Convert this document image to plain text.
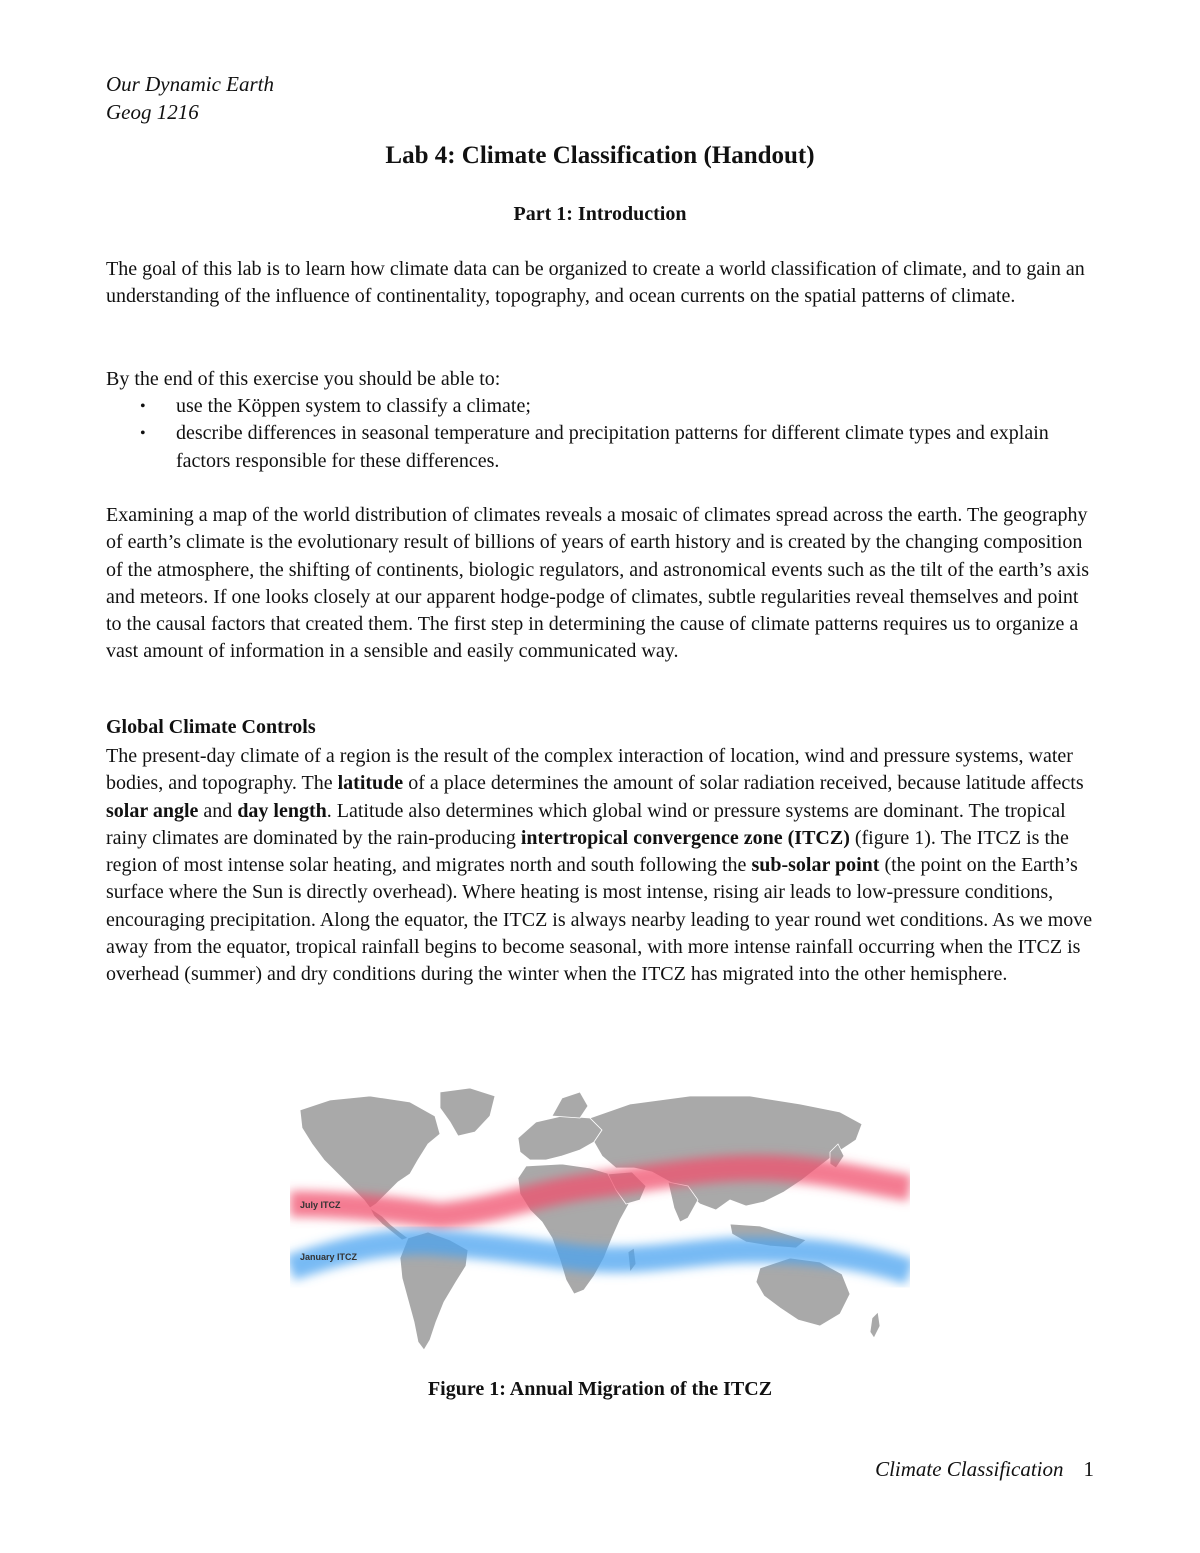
Our Dynamic Earth
Geog 1216
Lab 4: Climate Classification (Handout)
Part 1: Introduction
The goal of this lab is to learn how climate data can be organized to create a world classification of climate, and to gain an understanding of the influence of continentality, topography, and ocean currents on the spatial patterns of climate.
By the end of this exercise you should be able to:
• use the Köppen system to classify a climate;
• describe differences in seasonal temperature and precipitation patterns for different climate types and explain factors responsible for these differences.
Examining a map of the world distribution of climates reveals a mosaic of climates spread across the earth. The geography of earth’s climate is the evolutionary result of billions of years of earth history and is created by the changing composition of the atmosphere, the shifting of continents, biologic regulators, and astronomical events such as the tilt of the earth’s axis and meteors. If one looks closely at our apparent hodge-podge of climates, subtle regularities reveal themselves and point to the causal factors that created them. The first step in determining the cause of climate patterns requires us to organize a vast amount of information in a sensible and easily communicated way.
Global Climate Controls
The present-day climate of a region is the result of the complex interaction of location, wind and pressure systems, water bodies, and topography. The latitude of a place determines the amount of solar radiation received, because latitude affects solar angle and day length. Latitude also determines which global wind or pressure systems are dominant. The tropical rainy climates are dominated by the rain-producing intertropical convergence zone (ITCZ) (figure 1). The ITCZ is the region of most intense solar heating, and migrates north and south following the sub-solar point (the point on the Earth’s surface where the Sun is directly overhead). Where heating is most intense, rising air leads to low-pressure conditions, encouraging precipitation. Along the equator, the ITCZ is always nearby leading to year round wet conditions. As we move away from the equator, tropical rainfall begins to become seasonal, with more intense rainfall occurring when the ITCZ is overhead (summer) and dry conditions during the winter when the ITCZ has migrated into the other hemisphere.
July ITCZ
January ITCZ
Figure 1: Annual Migration of the ITCZ
Climate Classification 1
